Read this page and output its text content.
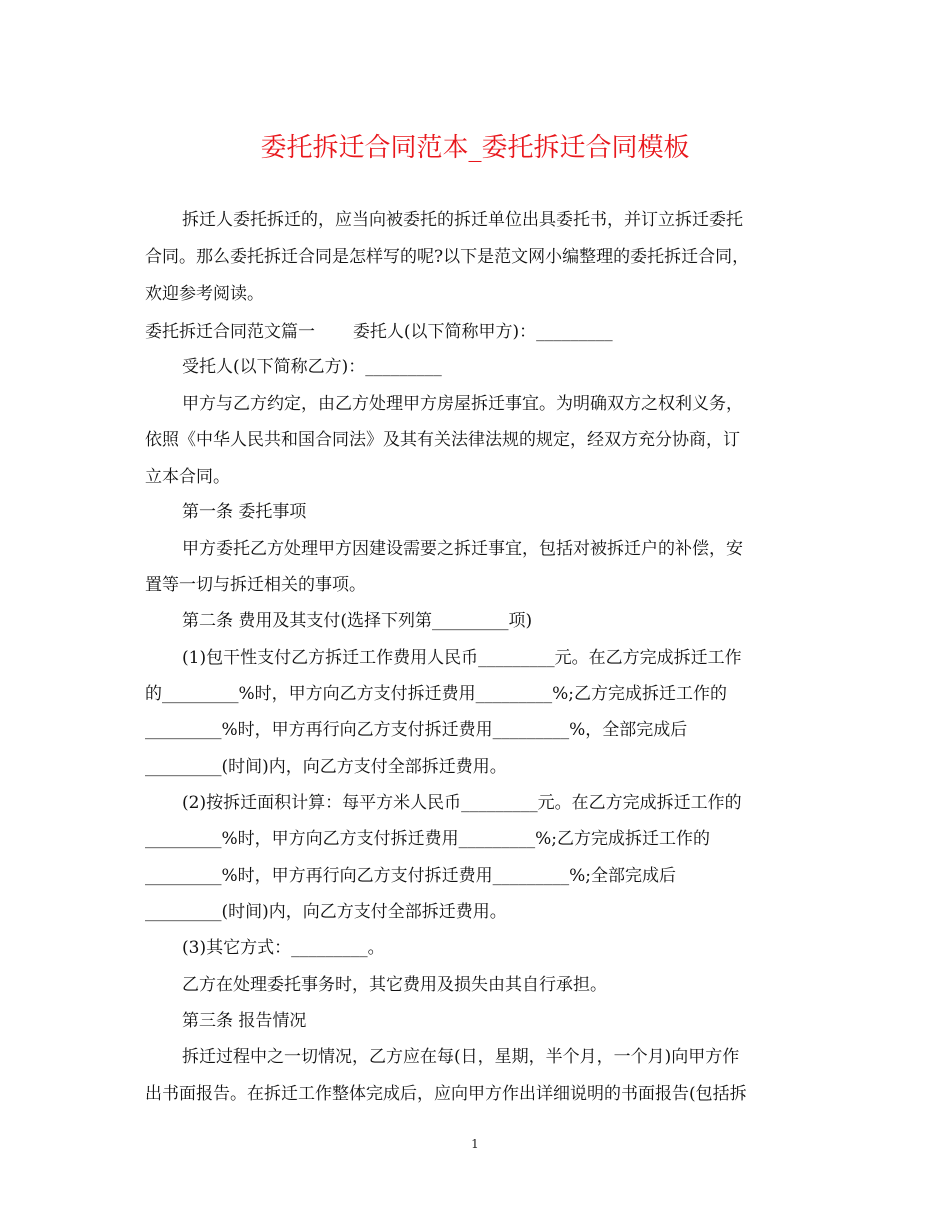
委托拆迁合同范本_委托拆迁合同模板
拆迁人委托拆迁的，应当向被委托的拆迁单位出具委托书，并订立拆迁委托
合同。那么委托拆迁合同是怎样写的呢?以下是范文网小编整理的委托拆迁合同，
欢迎参考阅读。
委托拆迁合同范文篇一       委托人(以下简称甲方)：_________
受托人(以下简称乙方)：_________
甲方与乙方约定，由乙方处理甲方房屋拆迁事宜。为明确双方之权利义务，
依照《中华人民共和国合同法》及其有关法律法规的规定，经双方充分协商，订
立本合同。
第一条 委托事项
甲方委托乙方处理甲方因建设需要之拆迁事宜，包括对被拆迁户的补偿，安
置等一切与拆迁相关的事项。
第二条 费用及其支付(选择下列第_________项)
(1)包干性支付乙方拆迁工作费用人民币_________元。在乙方完成拆迁工作
的_________%时，甲方向乙方支付拆迁费用_________%;乙方完成拆迁工作的
_________%时，甲方再行向乙方支付拆迁费用_________%，全部完成后
_________(时间)内，向乙方支付全部拆迁费用。
(2)按拆迁面积计算：每平方米人民币_________元。在乙方完成拆迁工作的
_________%时，甲方向乙方支付拆迁费用_________%;乙方完成拆迁工作的
_________%时，甲方再行向乙方支付拆迁费用_________%;全部完成后
_________(时间)内，向乙方支付全部拆迁费用。
(3)其它方式：_________。
乙方在处理委托事务时，其它费用及损失由其自行承担。
第三条 报告情况
拆迁过程中之一切情况，乙方应在每(日，星期，半个月，一个月)向甲方作
出书面报告。在拆迁工作整体完成后，应向甲方作出详细说明的书面报告(包括拆
1
